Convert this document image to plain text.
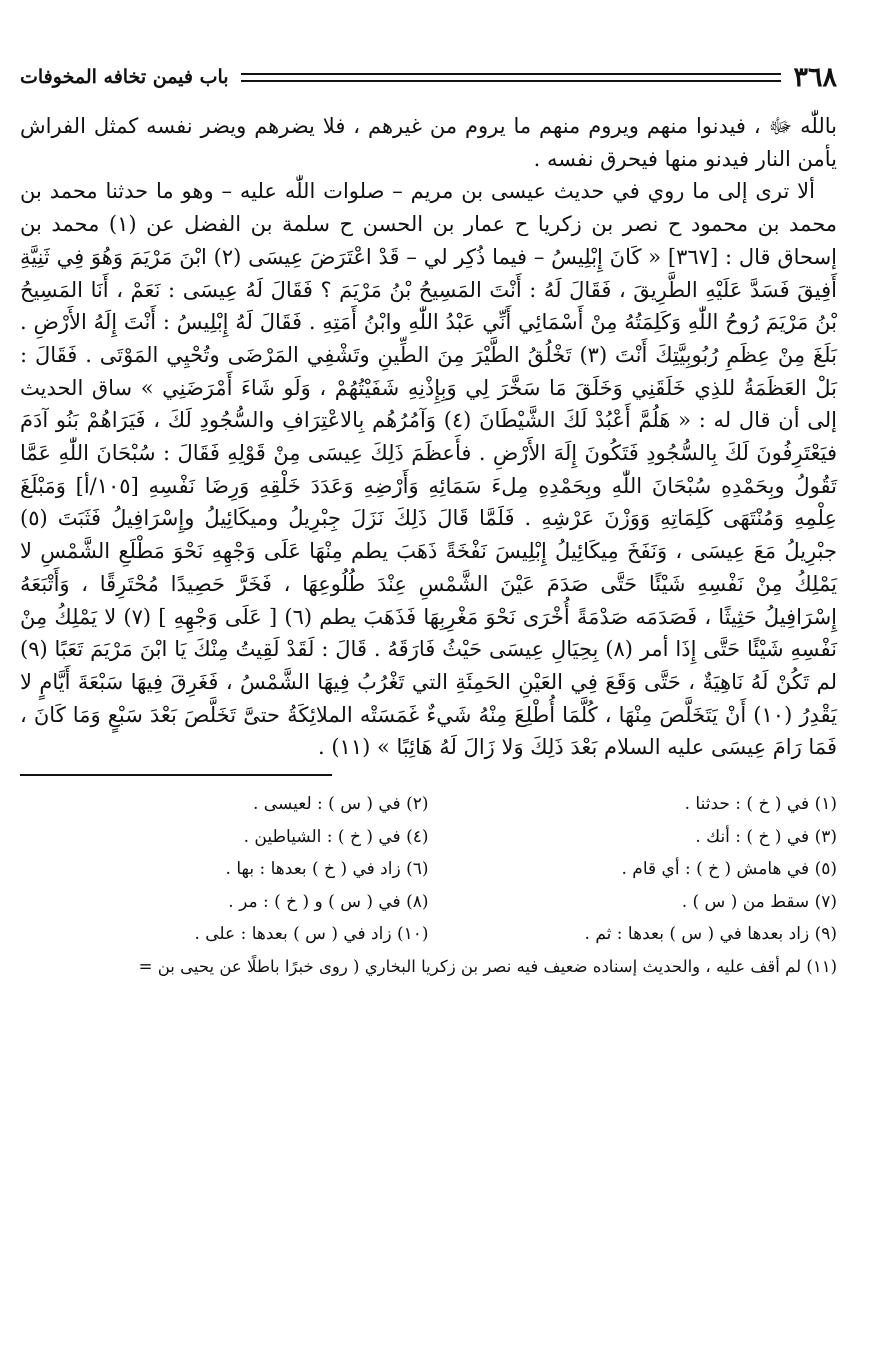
٣٦٨
باب فيمن تخافه المخوفات

باللّٰه ﷻ ، فيدنوا منهم ويروم منهم ما يروم من غيرهم ، فلا يضرهم ويضر نفسه كمثل الفراش يأمن النار فيدنو منها فيحرق نفسه .

ألا ترى إلى ما روي في حديث عيسى بن مريم – صلوات اللّٰه عليه – وهو ما حدثنا محمد بن محمد بن محمود ح نصر بن زكريا ح عمار بن الحسن ح سلمة بن الفضل عن (١) محمد بن إسحاق قال : [٣٦٧] « كَانَ إِبْلِيسُ – فيما ذُكِر لي – قَدْ اعْتَرَضَ عِيسَى (٢) ابْنَ مَرْيَمَ وَهُوَ فِي ثَنِيَّةِ أَفِيقَ فَسَدَّ عَلَيْهِ الطَّرِيقَ ، فَقَالَ لَهُ : أَنْتَ المَسِيحُ بْنُ مَرْيَمَ ؟ فَقَالَ لَهُ عِيسَى : نَعَمْ ، أَنَا المَسِيحُ بْنُ مَرْيَمَ رُوحُ اللّٰهِ وَكَلِمَتُهُ مِنْ أَسْمَائِي أَنِّي عَبْدُ اللّٰهِ وابْنُ أَمَتِهِ . فَقَالَ لَهُ إِبْلِيسُ : أَنْتَ إِلَهُ الأَرْضِ . بَلَغَ مِنْ عِظَمِ رُبُوبِيَّتِكَ أَنْتَ (٣) تَخْلُقُ الطَّيْرَ مِنَ الطِّينِ وتَشْفِي المَرْضَى وتُحْيِي المَوْتَى . فَقَالَ : بَلْ العَظَمَةُ للذِي خَلَقَنِي وَخَلَقَ مَا سَخَّرَ لِي وَبِإِذْنِهِ شَفَيْتُهُمْ ، وَلَو شَاءَ أَمْرَضَنِي » ساق الحديث إلى أن قال له : « هَلُمَّ أَعْبُدْ لَكَ الشَّيْطَانَ (٤) وَآمُرُهُم بِالاعْتِرَافِ والسُّجُودِ لَكَ ، فَيَرَاهُمْ بَنُو آدَمَ فيَعْتَرِفُونَ لَكَ بِالسُّجُودِ فَتَكُونَ إِلَهَ الأَرْضِ . فأَعظَمَ ذَلِكَ عِيسَى مِنْ قَوْلِهِ فَقَالَ : سُبْحَانَ اللّٰهِ عَمَّا تَقُولُ وبِحَمْدِهِ سُبْحَانَ اللّٰهِ وبِحَمْدِهِ مِلءَ سَمَائِهِ وَأَرْضِهِ وَعَدَدَ خَلْقِهِ وَرِضَا نَفْسِهِ [١٠٥/أ] وَمَبْلَغَ عِلْمِهِ وَمُنْتَهَى كَلِمَاتِهِ وَوَزْنَ عَرْشِهِ . فَلَمَّا قَالَ ذَلِكَ نَزَلَ جِبْرِيلُ وميكَائِيلُ وإِسْرَافِيلُ فَثَبَتَ (٥) جبْرِيلُ مَعَ عِيسَى ، وَنَفَخَ مِيكَائِيلُ إِبْلِيسَ نَفْخَةً ذَهَبَ يطم مِنْهَا عَلَى وَجْهِهِ نَحْوَ مَطْلَعِ الشَّمْسِ لا يَمْلِكُ مِنْ نَفْسِهِ شَيْئًا حَتَّى صَدَمَ عَيْنَ الشَّمْسِ عِنْدَ طُلُوعِهَا ، فَخَرَّ حَصِيدًا مُحْتَرِقًا ، وَأَتْبَعَهُ إِسْرَافِيلُ حَثِيثًا ، فَصَدَمَه صَدْمَةً أُخْرَى نَحْوَ مَغْرِبِهَا فَذَهَبَ يطم (٦) [ عَلَى وَجْهِهِ ] (٧) لا يَمْلِكُ مِنْ نَفْسِهِ شَيْئًا حَتَّى إِذَا أمر (٨) بِحِيَالِ عِيسَى حَيْثُ فَارَقَهُ . قَالَ : لَقَدْ لَقِيتُ مِنْكَ يَا ابْنَ مَرْيَمَ تَعَبًا (٩) لم تَكُنْ لَهُ نَاهِيَةٌ ، حَتَّى وَقَعَ فِي العَيْنِ الحَمِئَةِ التي تَغْرُبُ فِيهَا الشَّمْسُ ، فَغَرِقَ فِيهَا سَبْعَةَ أَيَّامٍ لا يَقْدِرُ (١٠) أَنْ يَتَخَلَّصَ مِنْهَا ، كُلَّمَا أُطْلِعَ مِنْهُ شَيءٌ غَمَسَتْه الملائِكَةُ حتىَّ تَخَلَّصَ بَعْدَ سَبْعٍ وَمَا كَانَ ، فَمَا رَامَ عِيسَى عليه السلام بَعْدَ ذَلِكَ وَلا زَالَ لَهُ هَائِبًا » (١١) .

(١) في ( خ ) : حدثنا .
(٢) في ( س ) : لعيسى .
(٣) في ( خ ) : أنك .
(٤) في ( خ ) : الشياطين .
(٥) في هامش ( خ ) : أي قام .
(٦) زاد في ( خ ) بعدها : بها .
(٧) سقط من ( س ) .
(٨) في ( س ) و ( خ ) : مر .
(٩) زاد بعدها في ( س ) بعدها : ثم .
(١٠) زاد في ( س ) بعدها : على .
(١١) لم أقف عليه ، والحديث إسناده ضعيف فيه نصر بن زكريا البخاري ( روى خبرًا باطلًا عن يحيى بن =
